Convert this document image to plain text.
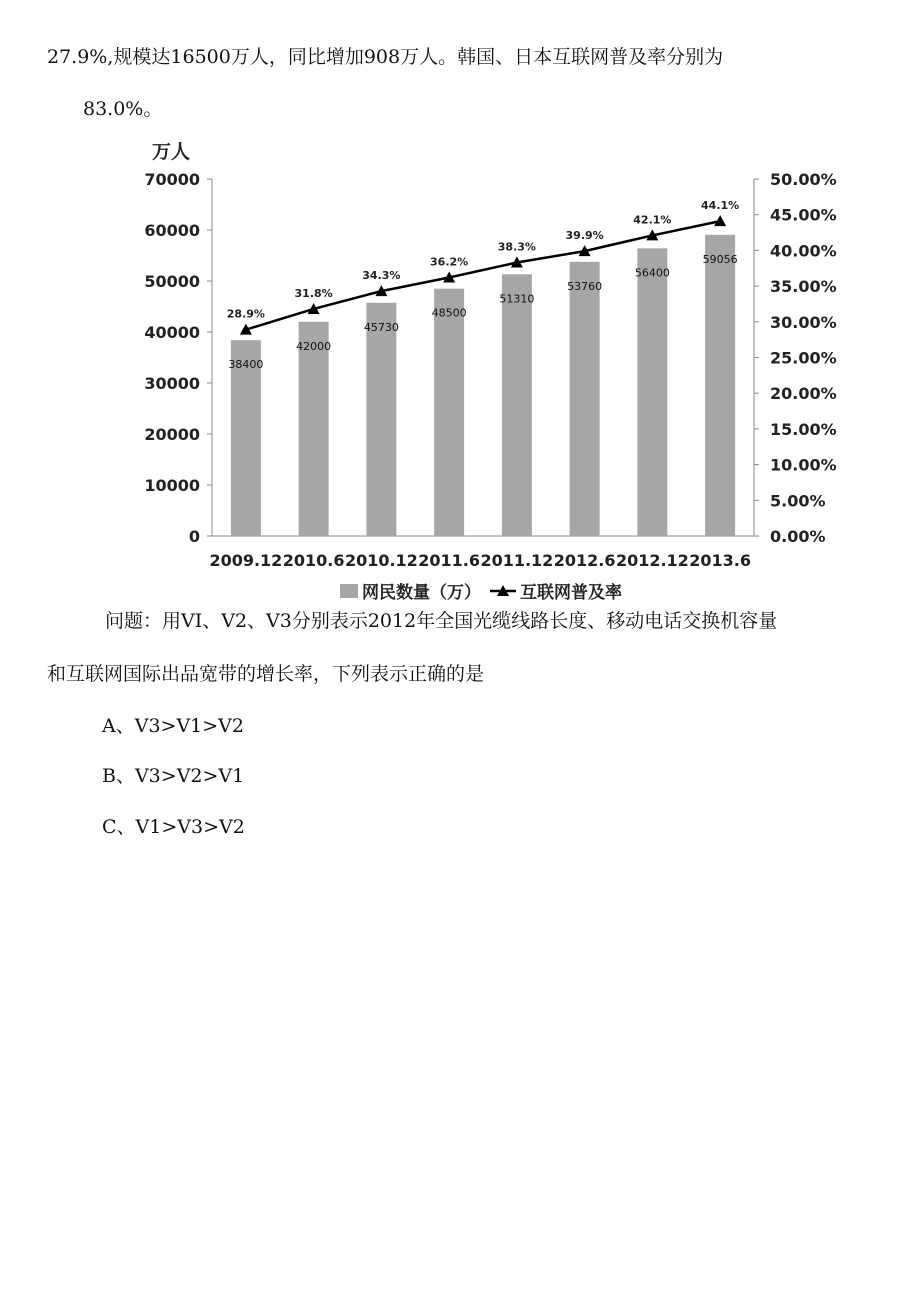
27.9%,规模达16500万人，同比增加908万人。韩国、日本互联网普及率分别为
83.0%。
万人
0
10000
20000
30000
40000
50000
60000
70000
0.00%
5.00%
10.00%
15.00%
20.00%
25.00%
30.00%
35.00%
40.00%
45.00%
50.00%
38400
2009.12
42000
2010.6
45730
2010.12
48500
2011.6
51310
2011.12
53760
2012.6
56400
2012.12
59056
2013.6
28.9%
31.8%
34.3%
36.2%
38.3%
39.9%
42.1%
44.1%
网民数量（万） 互联网普及率
问题：用VI、V2、V3分别表示2012年全国光缆线路长度、移动电话交换机容量
和互联网国际出品宽带的增长率，下列表示正确的是
A、V3>V1>V2
B、V3>V2>V1
C、V1>V3>V2
